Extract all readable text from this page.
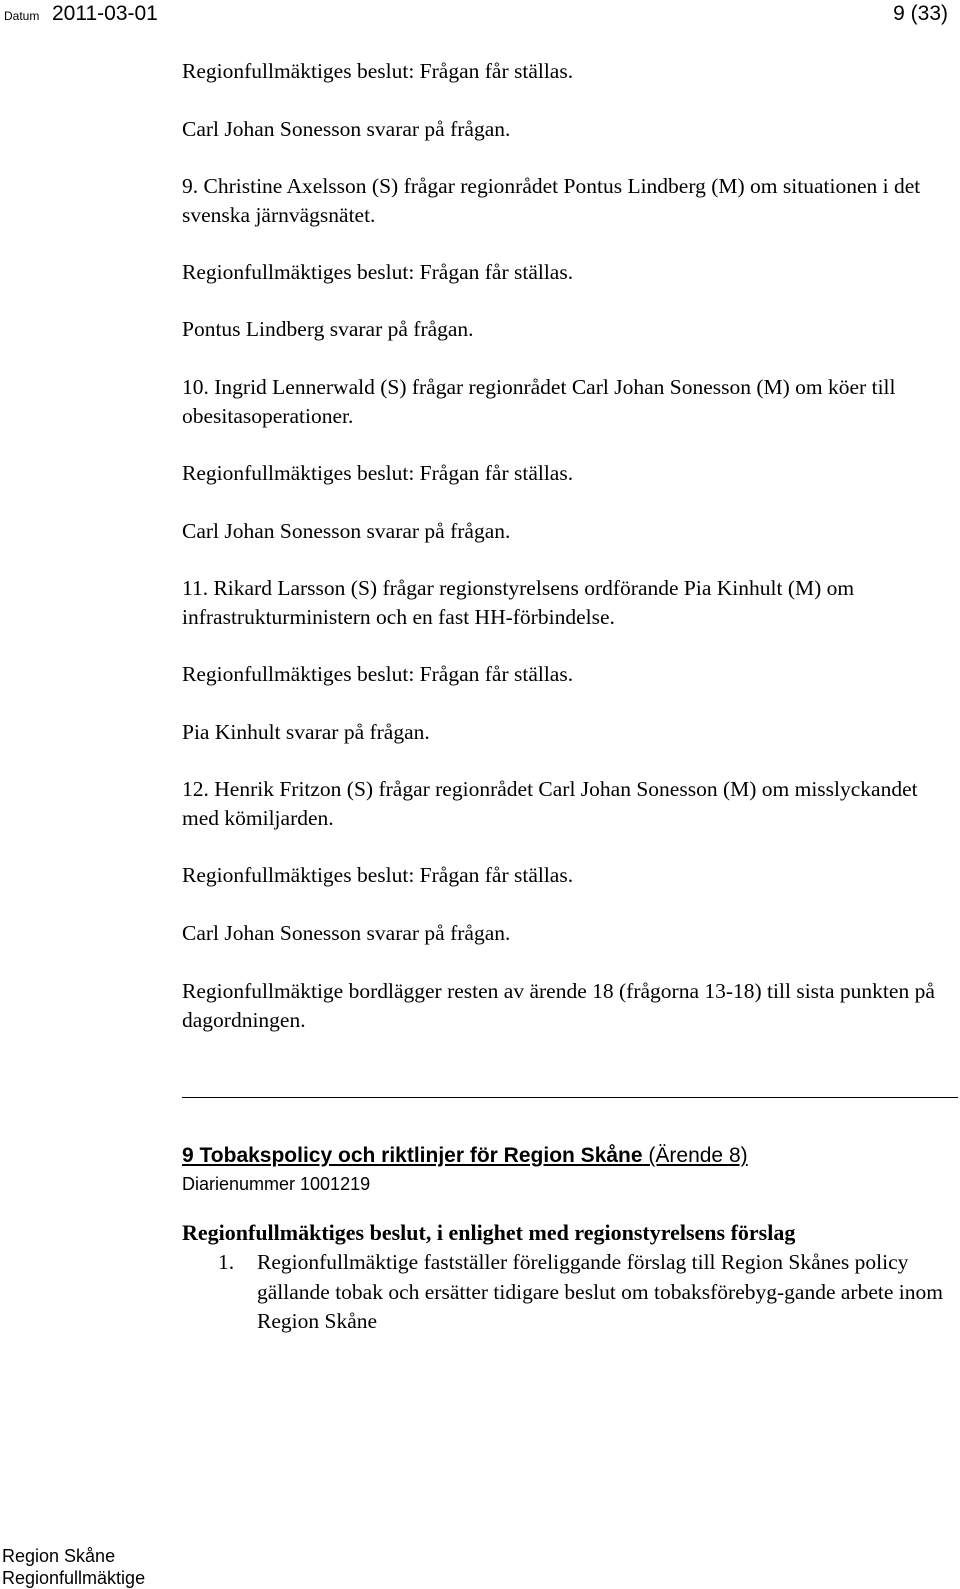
Datum 2011-03-01	9 (33)

Regionfullmäktiges beslut: Frågan får ställas.

Carl Johan Sonesson svarar på frågan.

9. Christine Axelsson (S) frågar regionrådet Pontus Lindberg (M) om situationen i det svenska järnvägsnätet.

Regionfullmäktiges beslut: Frågan får ställas.

Pontus Lindberg svarar på frågan.

10. Ingrid Lennerwald (S) frågar regionrådet Carl Johan Sonesson (M) om köer till obesitasoperationer.

Regionfullmäktiges beslut: Frågan får ställas.

Carl Johan Sonesson svarar på frågan.

11. Rikard Larsson (S) frågar regionstyrelsens ordförande Pia Kinhult (M) om infrastrukturministern och en fast HH-förbindelse.

Regionfullmäktiges beslut: Frågan får ställas.

Pia Kinhult svarar på frågan.

12. Henrik Fritzon (S) frågar regionrådet Carl Johan Sonesson (M) om misslyckandet med kömiljarden.

Regionfullmäktiges beslut: Frågan får ställas.

Carl Johan Sonesson svarar på frågan.

Regionfullmäktige bordlägger resten av ärende 18 (frågorna 13-18) till sista punkten på dagordningen.

9 Tobakspolicy och riktlinjer för Region Skåne (Ärende 8)
Diarienummer 1001219
Regionfullmäktiges beslut, i enlighet med regionstyrelsens förslag
1. Regionfullmäktige fastställer föreliggande förslag till Region Skånes policy gällande tobak och ersätter tidigare beslut om tobaksförebyg-gande arbete inom Region Skåne

Region Skåne
Regionfullmäktige
